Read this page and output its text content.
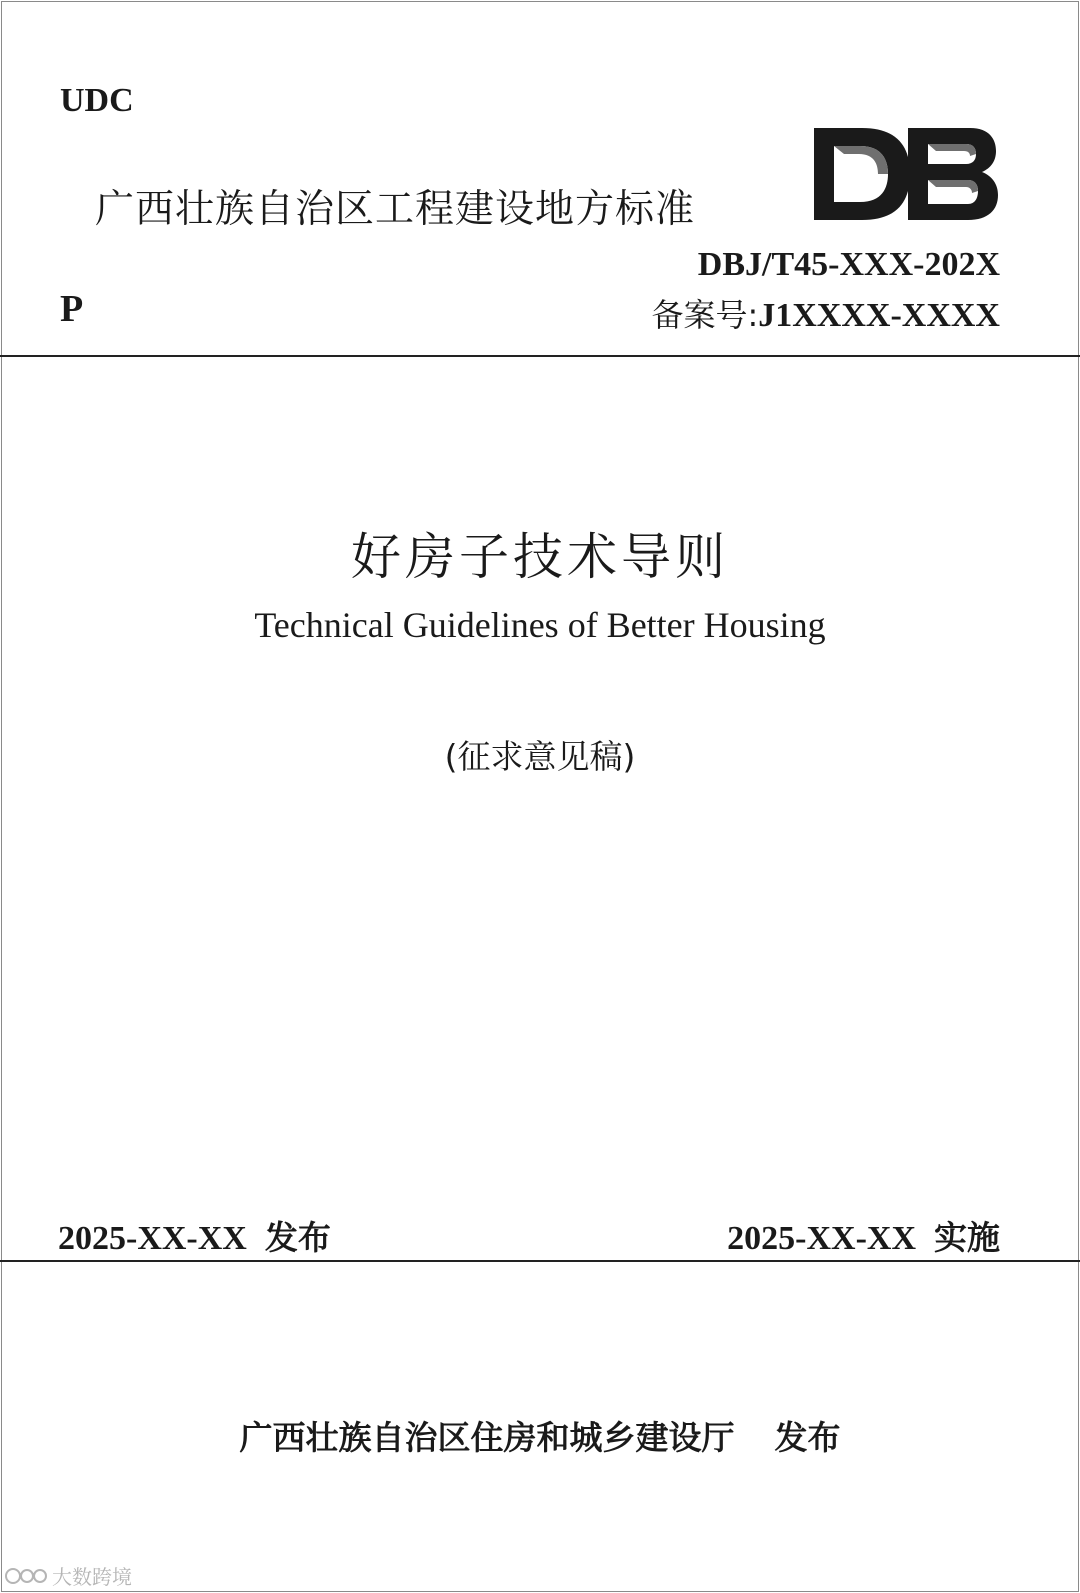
UDC
广西壮族自治区工程建设地方标准
DBJ/T45-XXX-202X
P	备案号:J1XXXX-XXXX
好房子技术导则
Technical Guidelines of Better Housing
(征求意见稿)
2025-XX-XX 发布	2025-XX-XX 实施
广西壮族自治区住房和城乡建设厅 发布
大数跨境
